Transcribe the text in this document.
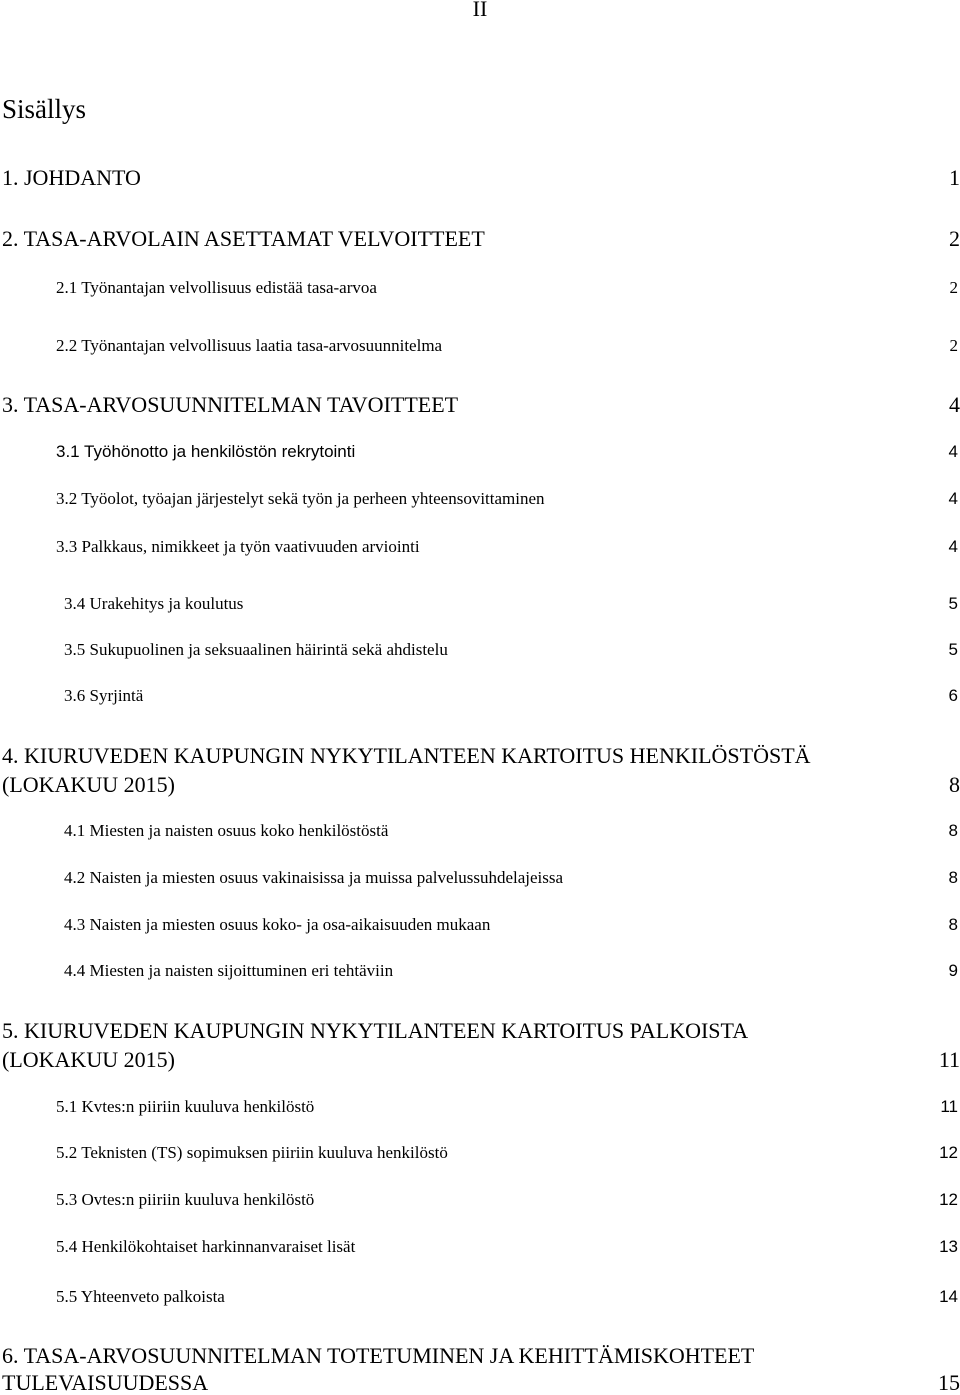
II
Sisällys
1. JOHDANTO	1
2. TASA-ARVOLAIN ASETTAMAT VELVOITTEET	2
2.1 Työnantajan velvollisuus edistää tasa-arvoa	2
2.2 Työnantajan velvollisuus laatia tasa-arvosuunnitelma	2
3. TASA-ARVOSUUNNITELMAN TAVOITTEET	4
3.1 Työhönotto ja henkilöstön rekrytointi	4
3.2 Työolot, työajan järjestelyt sekä työn ja perheen yhteensovittaminen	4
3.3 Palkkaus, nimikkeet ja työn vaativuuden arviointi	4
3.4 Urakehitys ja koulutus	5
3.5 Sukupuolinen ja seksuaalinen häirintä sekä ahdistelu	5
3.6 Syrjintä	6
4. KIURUVEDEN KAUPUNGIN NYKYTILANTEEN KARTOITUS HENKILÖSTÖSTÄ
(LOKAKUU 2015)	8
4.1 Miesten ja naisten osuus koko henkilöstöstä	8
4.2 Naisten ja miesten osuus vakinaisissa ja muissa palvelussuhdelajeissa	8
4.3 Naisten ja miesten osuus koko- ja osa-aikaisuuden mukaan	8
4.4 Miesten ja naisten sijoittuminen eri tehtäviin	9
5. KIURUVEDEN KAUPUNGIN NYKYTILANTEEN KARTOITUS PALKOISTA
(LOKAKUU 2015)	11
5.1 Kvtes:n piiriin kuuluva henkilöstö	11
5.2 Teknisten (TS) sopimuksen piiriin kuuluva henkilöstö	12
5.3 Ovtes:n piiriin kuuluva henkilöstö	12
5.4 Henkilökohtaiset harkinnanvaraiset lisät	13
5.5 Yhteenveto palkoista	14
6. TASA-ARVOSUUNNITELMAN TOTETUMINEN JA KEHITTÄMISKOHTEET
TULEVAISUUDESSA	15
